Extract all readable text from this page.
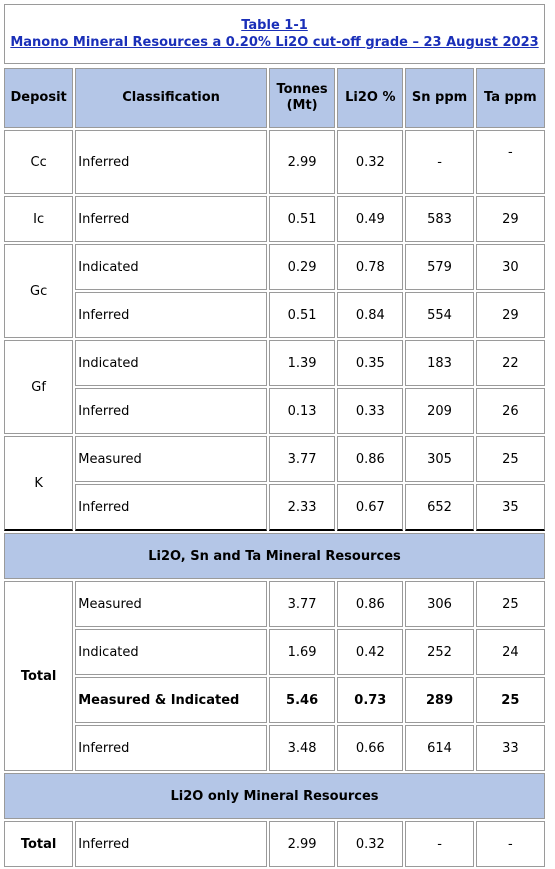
Table 1-1
Manono Mineral Resources a 0.20% Li2O cut-off grade – 23 August 2023
Deposit	Classification	Tonnes (Mt)	Li2O %	Sn ppm	Ta ppm
Cc	Inferred	2.99	0.32	-	-
Ic	Inferred	0.51	0.49	583	29
Gc	Indicated	0.29	0.78	579	30
	Inferred	0.51	0.84	554	29
Gf	Indicated	1.39	0.35	183	22
	Inferred	0.13	0.33	209	26
K	Measured	3.77	0.86	305	25
	Inferred	2.33	0.67	652	35
Li2O, Sn and Ta Mineral Resources					
Total	Measured	3.77	0.86	306	25
	Indicated	1.69	0.42	252	24
	Measured & Indicated	5.46	0.73	289	25
	Inferred	3.48	0.66	614	33
Li2O only Mineral Resources					
Total	Inferred	2.99	0.32	-	-
